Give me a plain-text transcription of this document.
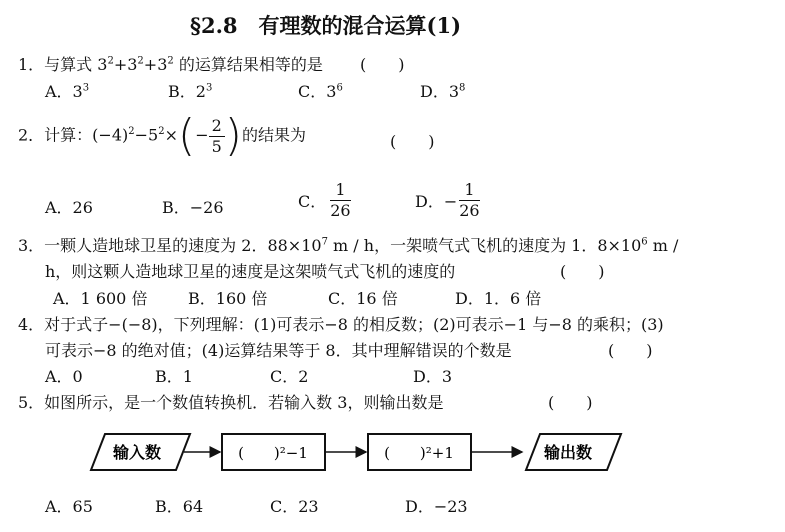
§2.8　有理数的混合运算(1)
1．与算式 $3^2+3^2+3^2$ 的运算结果相等的是 (　　)
A．$3^3$	B．$2^3$	C．$3^6$	D．$3^8$
2．计算：$(-4)^2-5^2\times(- \frac{2}{5}$ )的结果为	(　　)
A．26	B．−26	C． $\frac{1}{26}$	D．− $\frac{1}{26}$
3．一颗人造地球卫星的速度为 2．$88\times 10^7$ m / h，一架喷气式飞机的速度为 1．$8\times 10^6$ m /
h，则这颗人造地球卫星的速度是这架喷气式飞机的速度的	(　　)
A．1 600 倍	B．160 倍	C．16 倍	D．1．6 倍
4．对于式子−(−8)，下列理解：(1)可表示−8 的相反数；(2)可表示−1 与−8 的乘积；(3)
可表示−8 的绝对值；(4)运算结果等于 8．其中理解错误的个数是	(　　)
A．0	B．1	C．2	D．3
5．如图所示，是一个数值转换机．若输入数 3，则输出数是	(　　)
输入数	(　　)²−1	(　　)²+1	输出数
A．65	B．64	C．23	D．−23
